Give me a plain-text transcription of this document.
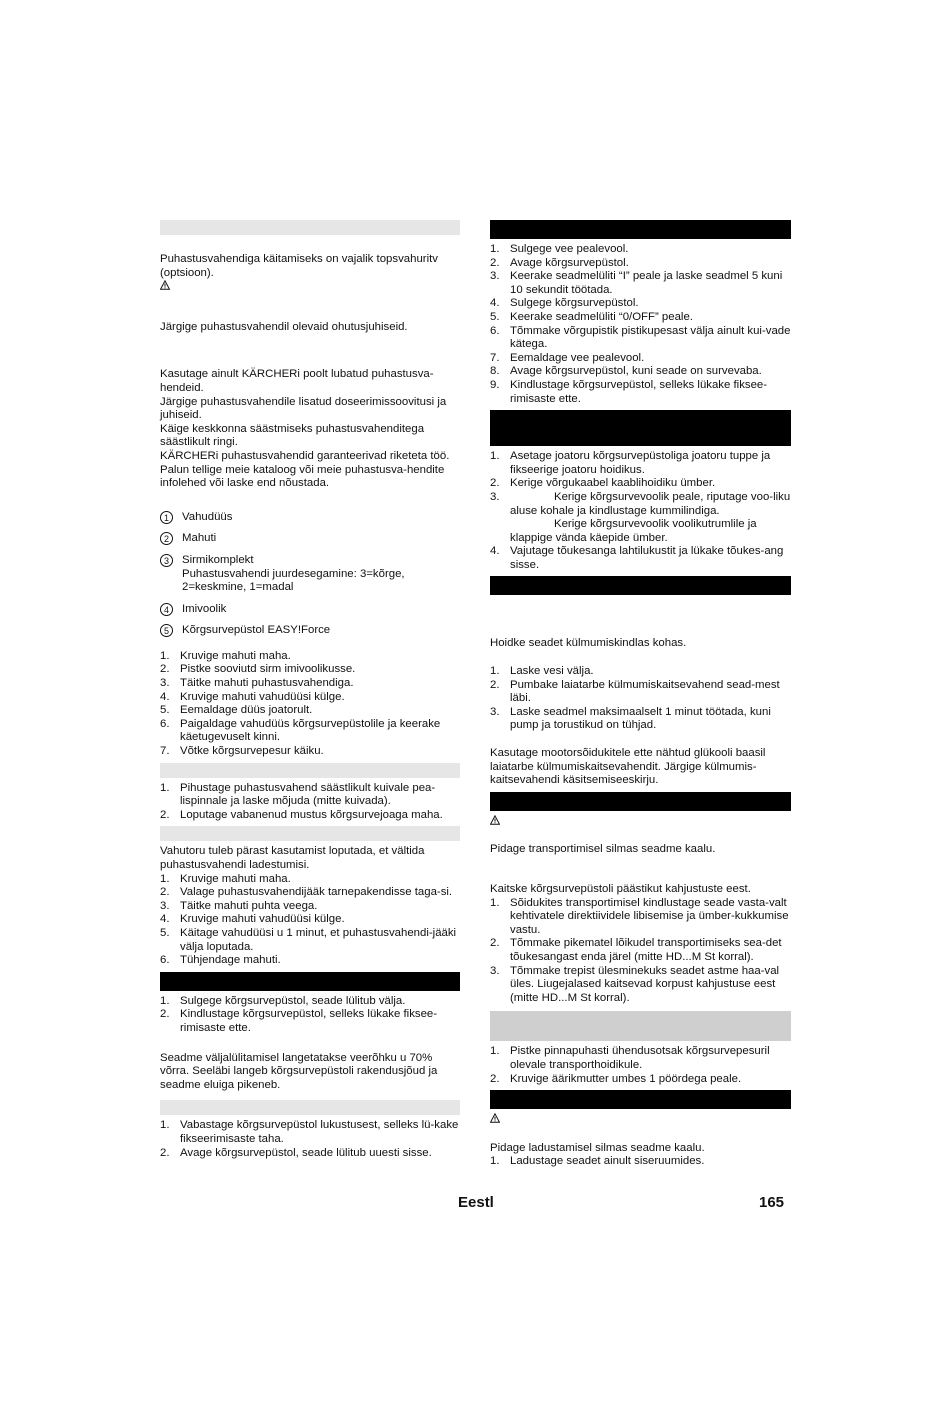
Puhastusvahendiga käitamiseks on vajalik topsvahuritv (optsioon).

Järgige puhastusvahendil olevaid ohutusjuhiseid.

Kasutage ainult KÄRCHERi poolt lubatud puhastusva-hendeid.

Järgige puhastusvahendile lisatud doseerimissoovitusi ja juhiseid.

Käige keskkonna säästmiseks puhastusvahenditega säästlikult ringi.

KÄRCHERi puhastusvahendid garanteerivad riketeta töö. Palun tellige meie kataloog või meie puhastusva-hendite infolehed või laske end nõustada.

1	Vahudüüs
2	Mahuti
3	Sirmikomplekt
Puhastusvahendi juurdesegamine: 3=kõrge, 2=keskmine, 1=madal
4	Imivoolik
5	Kõrgsurvepüstol EASY!Force
1. Kruvige mahuti maha.
2. Pistke sooviutd sirm imivoolikusse.
3. Täitke mahuti puhastusvahendiga.
4. Kruvige mahuti vahudüüsi külge.
5. Eemaldage düüs joatorult.
6. Paigaldage vahudüüs kõrgsurvepüstolile ja keerake käetugevuselt kinni.
7. Võtke kõrgsurvepesur käiku.
1. Pihustage puhastusvahend säästlikult kuivale pea-lispinnale ja laske mõjuda (mitte kuivada).
2. Loputage vabanenud mustus kõrgsurvejoaga maha.

Vahutoru tuleb pärast kasutamist loputada, et vältida puhastusvahendi ladestumisi.

1. Kruvige mahuti maha.
2. Valage puhastusvahendijääk tarnepakendisse taga-si.
3. Täitke mahuti puhta veega.
4. Kruvige mahuti vahudüüsi külge.
5. Käitage vahudüüsi u 1 minut, et puhastusvahendi-jääki välja loputada.
6. Tühjendage mahuti.
1. Sulgege kõrgsurvepüstol, seade lülitub välja.
2. Kindlustage kõrgsurvepüstol, selleks lükake fiksee-rimisaste ette.

Seadme väljalülitamisel langetatakse veerõhku u 70% võrra. Seeläbi langeb kõrgsurvepüstoli rakendusjõud ja seadme eluiga pikeneb.

1. Vabastage kõrgsurvepüstol lukustusest, selleks lü-kake fikseerimisaste taha.
2. Avage kõrgsurvepüstol, seade lülitub uuesti sisse.
1. Sulgege vee pealevool.
2. Avage kõrgsurvepüstol.
3. Keerake seadmelüliti “I” peale ja laske seadmel 5 kuni 10 sekundit töötada.
4. Sulgege kõrgsurvepüstol.
5. Keerake seadmelüliti “0/OFF” peale.
6. Tõmmake võrgupistik pistikupesast välja ainult kui-vade kätega.
7. Eemaldage vee pealevool.
8. Avage kõrgsurvepüstol, kuni seade on survevaba.
9. Kindlustage kõrgsurvepüstol, selleks lükake fiksee-rimisaste ette.
1. Asetage joatoru kõrgsurvepüstoliga joatoru tuppe ja fikseerige joatoru hoidikus.
2. Kerige võrgukaabel kaablihoidiku ümber.
3.	Kerige kõrgsurvevoolik peale, riputage voo-liku aluse kohale ja kindlustage kummilindiga.
Kerige kõrgsurvevoolik voolikutrumlile ja klappige vända käepide ümber.
4. Vajutage tõukesanga lahtilukustit ja lükake tõukes-ang sisse.

Hoidke seadet külmumiskindlas kohas.

1. Laske vesi välja.
2. Pumbake laiatarbe külmumiskaitsevahend sead-mest läbi.
3. Laske seadmel maksimaalselt 1 minut töötada, kuni pump ja torustikud on tühjad.

Kasutage mootorsõidukitele ette nähtud glükooli baasil laiatarbe külmumiskaitsevahendit. Järgige külmumis-kaitsevahendi käsitsemiseeskirju.

Pidage transportimisel silmas seadme kaalu.

Kaitske kõrgsurvepüstoli päästikut kahjustuste eest.

1. Sõidukites transportimisel kindlustage seade vasta-valt kehtivatele direktiividele libisemise ja ümber-kukkumise vastu.
2. Tõmmake pikematel lõikudel transportimiseks sea-det tõukesangast enda järel (mitte HD...M St korral).
3. Tõmmake trepist ülesminekuks seadet astme haa-val üles. Liugejalased kaitsevad korpust kahjustuse eest (mitte HD...M St korral).
1. Pistke pinnapuhasti ühendusotsak kõrgsurvepesuril olevale transporthoidikule.
2. Kruvige äärikmutter umbes 1 pöördega peale.

Pidage ladustamisel silmas seadme kaalu.

1. Ladustage seadet ainult siseruumides.
Eestl	165
